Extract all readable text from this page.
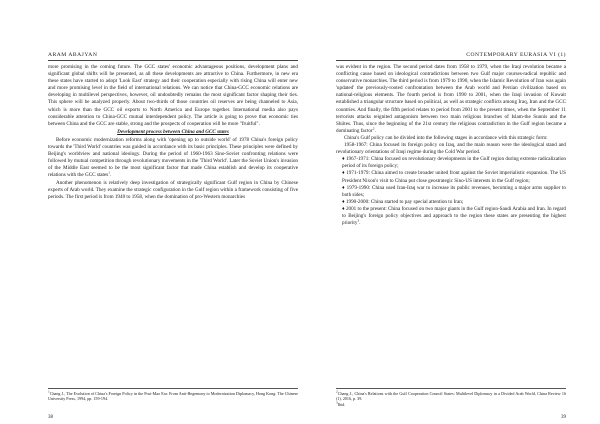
ARAM ABAJYAN

more promising in the coming future. The GCC states' economic advantageous positions, development plans and significant global shifts will be presented, as all these developments are attractive to China. Furthermore, in new era these states have started to adopt 'Look East' strategy and their cooperation especially with rising China will enter new and more promising level in the field of international relations. We can notice that China-GCC economic relations are developing in multilevel perspectives, however, oil undoubtedly remains the most significant factor shaping their ties. This sphere will be analyzed properly. About two-thirds of those countries oil reserves are being channeled to Asia, which is more than the GCC oil exports to North America and Europe together. International media also pays considerable attention to China-GCC mutual interdependent policy. The article is going to prove that economic ties between China and the GCC are stable, strong and the prospects of cooperation will be more "fruitful".

Development process between China and GCC states

Before economic modernization reforms along with 'opening up to outside world' of 1978 China's foreign policy towards the 'Third World' countries was guided in accordance with its basic principles. These principles were defined by Beijing's worldview and national ideology. During the period of 1960-1963 Sino-Soviet confronting relations were followed by mutual competition through revolutionary movements in the 'Third World'. Later the Soviet Union's invasion of the Middle East seemed to be the most significant factor that made China establish and develop its cooperative relations with the GCC states$^1$.

Another phenomenon is relatively deep investigation of strategically significant Gulf region in China by Chinese experts of Arab world. They examine the strategic configuration in the Gulf region within a framework consisting of five periods. The first period is from 1940 to 1958, when the domination of pro-Western monarchies

$^1$Chang J., The Evolution of China's Foreign Policy in the Post-Mao Era: From Anti-Hegemony to Modernization Diplomacy, Hong Kong: The Chinese University Press, 1994, pp. 159-194.
38
CONTEMPORARY EURASIA VI (1)

was evident in the region. The second period dates from 1958 to 1979, when the Iraqi revolution became a conflicting cause based on ideological contradictions between two Gulf major courses-radical republic and conservative monarchies. The third period is from 1979 to 1990, when the Islamic Revolution of Iran was again 'updated' the previously-rooted confrontation between the Arab world and Persian civilization based on national-religious elements. The fourth period is from 1990 to 2001, when the Iraqi invasion of Kuwait established a triangular structure based on political, as well as strategic conflicts among Iraq, Iran and the GCC countries. And finally, the fifth period relates to period from 2001 to the present times, when the September 11 terrorists attacks reignited antagonism between two main religious branches of Islam-the Sunnis and the Shiites. Thus, since the beginning of the 21st century the religious contradiction in the Gulf region became a dominating factor$^2$.

China's Gulf policy can be divided into the following stages in accordance with this strategic form:

1958-1967: China focused its foreign policy on Iraq, and the main reason were the ideological stand and revolutionary orientations of Iraqi regime during the Cold War period.

♦ 1967-1971: China focused on revolutionary developments in the Gulf region during extreme radicalization period of its foreign policy;

♦ 1971-1979: China aimed to create broader united front against the Soviet imperialistic expansion. The US President Nixon's visit to China put close geostrategic Sino-US interests in the Gulf region;

♦ 1979-1990: China used Iran-Iraq war to increase its public revenues, becoming a major arms supplier to both sides;

♦ 1990-2000: China started to pay special attention to Iran;

♦ 2001 to the present: China focused on two major giants in the Gulf region-Saudi Arabia and Iran. In regard to Beijing's foreign policy objectives and approach to the region these states are presenting the highest priority$^3$.

$^2$Chang J., China's Relations with the Gulf Cooperation Council States: Multilevel Diplomacy in a Divided Arab World, China Review 16 (1), 2016, p. 39.
$^3$Ibid.
39
